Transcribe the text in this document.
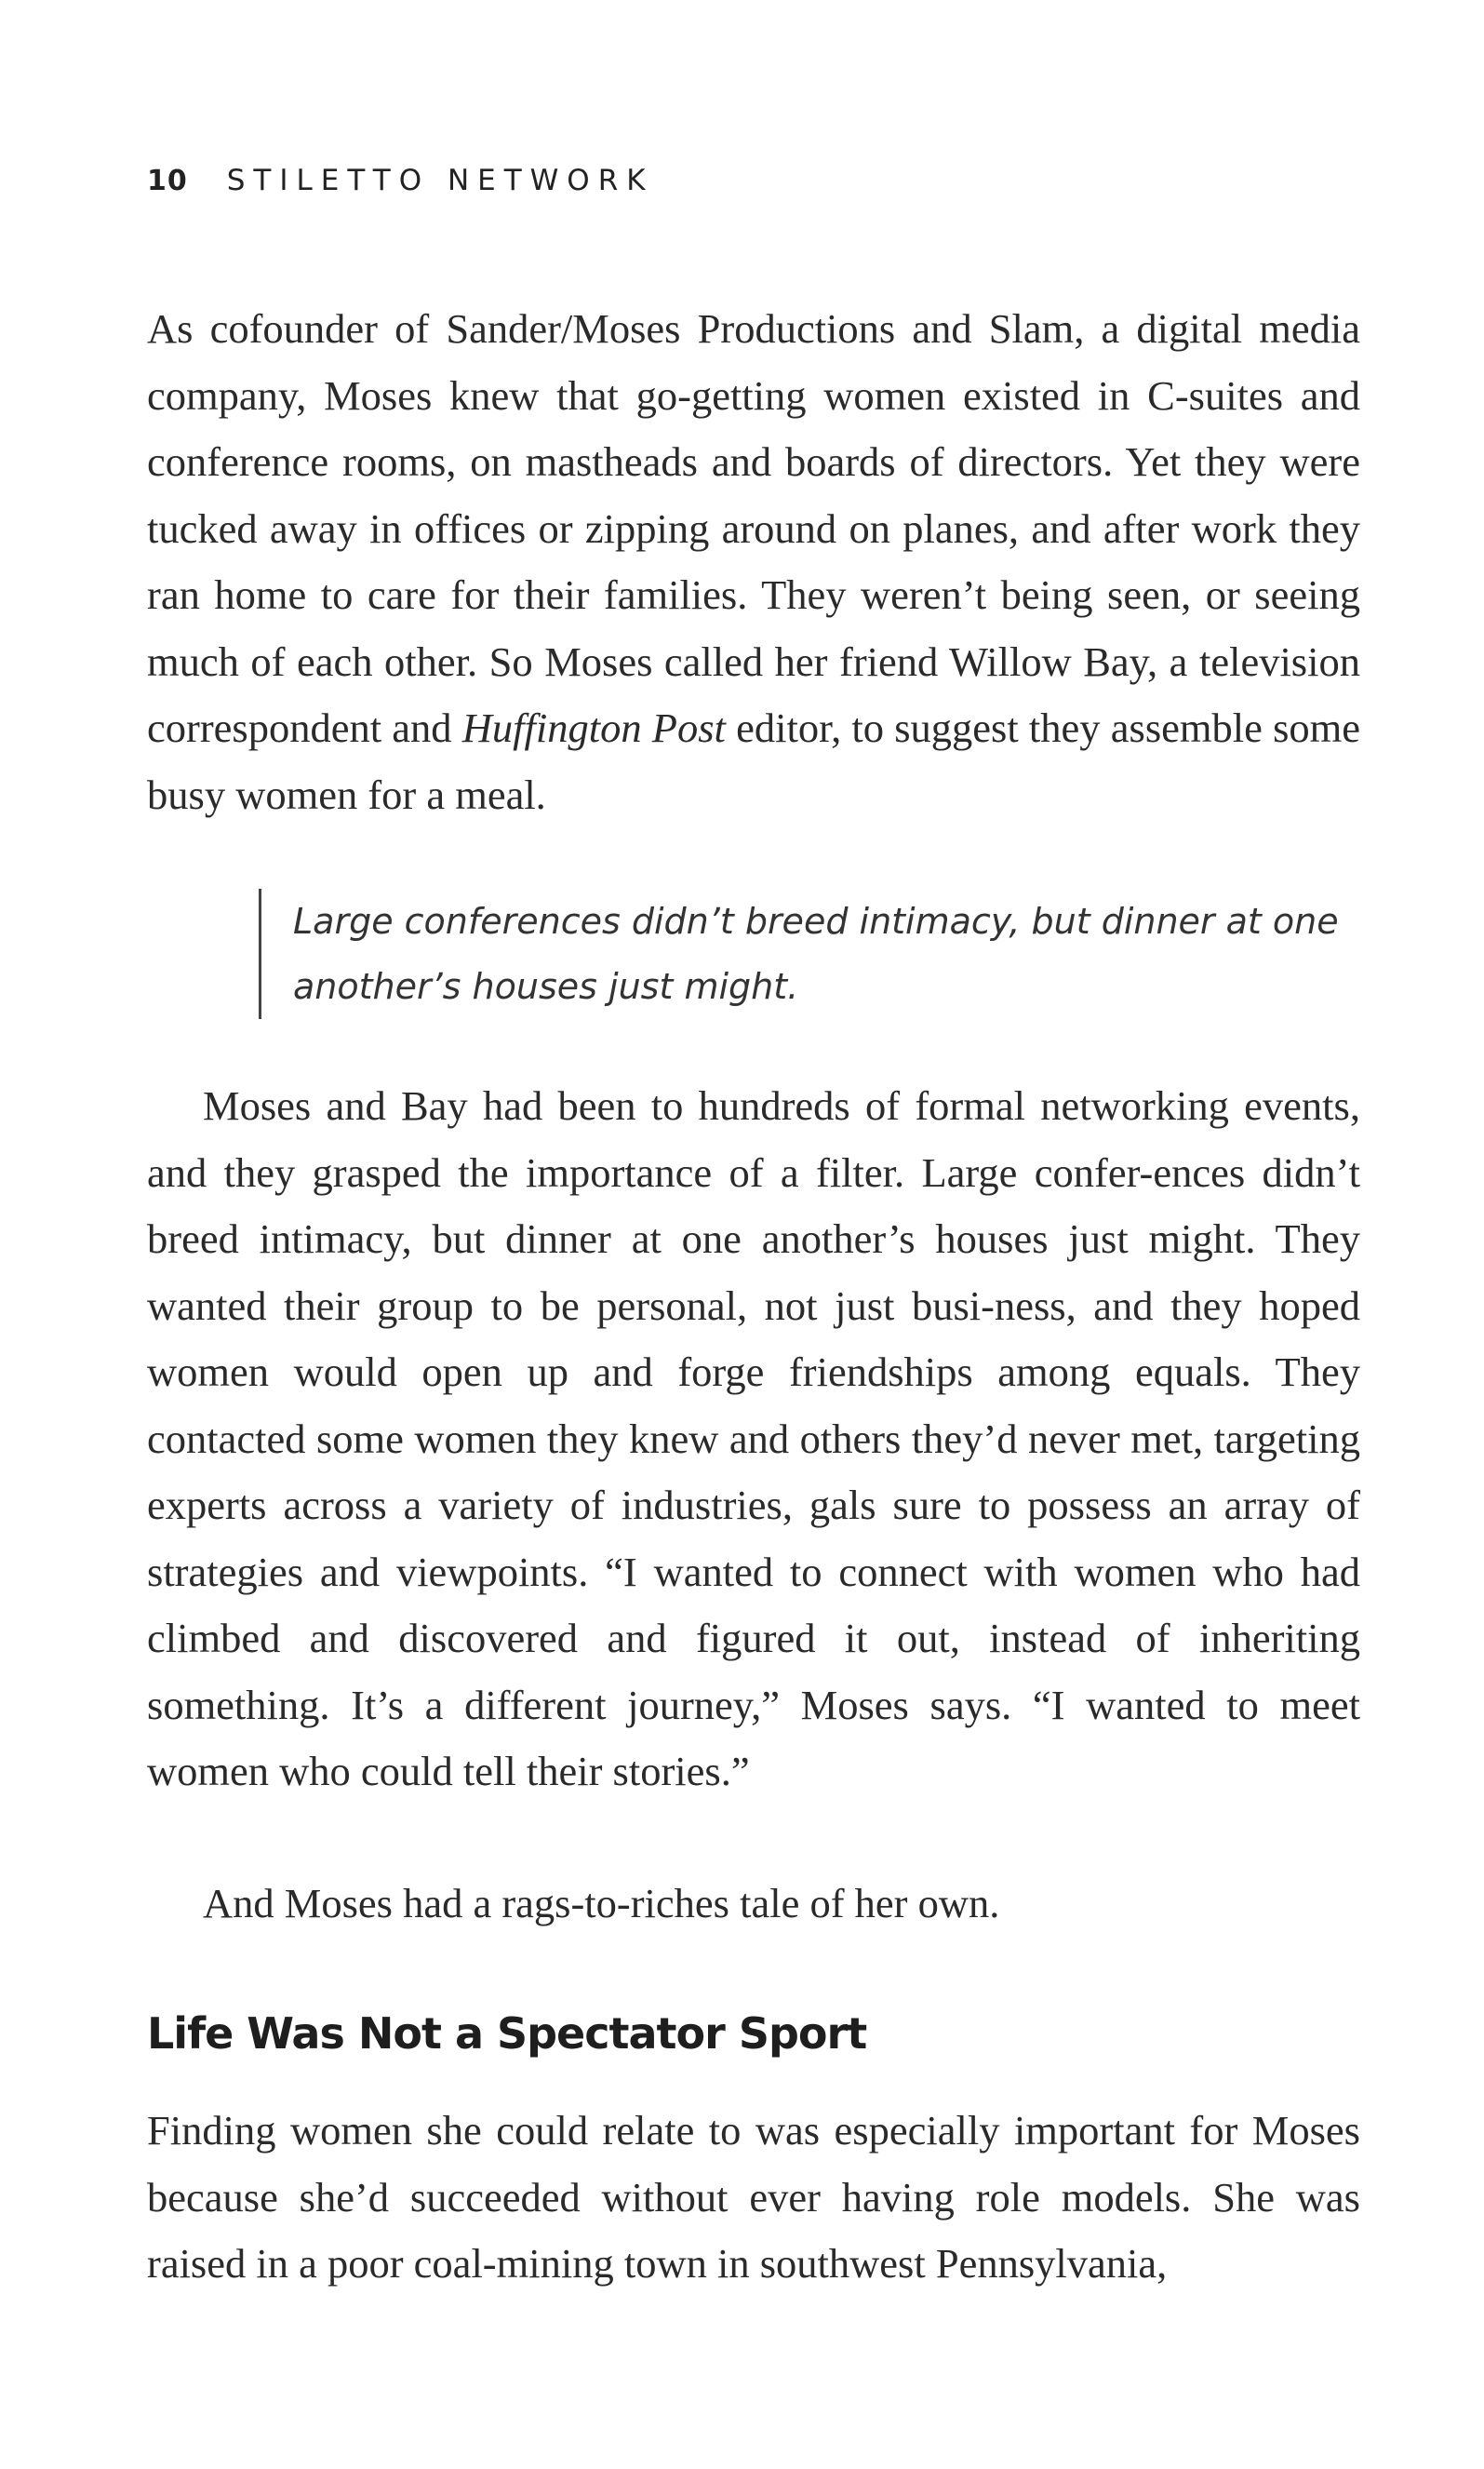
10 STILETTO NETWORK

As cofounder of Sander/Moses Productions and Slam, a digital media company, Moses knew that go-getting women existed in C-suites and conference rooms, on mastheads and boards of directors. Yet they were tucked away in offices or zipping around on planes, and after work they ran home to care for their families. They weren’t being seen, or seeing much of each other. So Moses called her friend Willow Bay, a television correspondent and Huffington Post editor, to suggest they assemble some busy women for a meal.

Large conferences didn’t breed intimacy, but dinner at one another’s houses just might.

Moses and Bay had been to hundreds of formal networking events, and they grasped the importance of a filter. Large confer-ences didn’t breed intimacy, but dinner at one another’s houses just might. They wanted their group to be personal, not just busi-ness, and they hoped women would open up and forge friendships among equals. They contacted some women they knew and others they’d never met, targeting experts across a variety of industries, gals sure to possess an array of strategies and viewpoints. “I wanted to connect with women who had climbed and discovered and figured it out, instead of inheriting something. It’s a different journey,” Moses says. “I wanted to meet women who could tell their stories.”

And Moses had a rags-to-riches tale of her own.

Life Was Not a Spectator Sport

Finding women she could relate to was especially important for Moses because she’d succeeded without ever having role models. She was raised in a poor coal-mining town in southwest Pennsylvania,
